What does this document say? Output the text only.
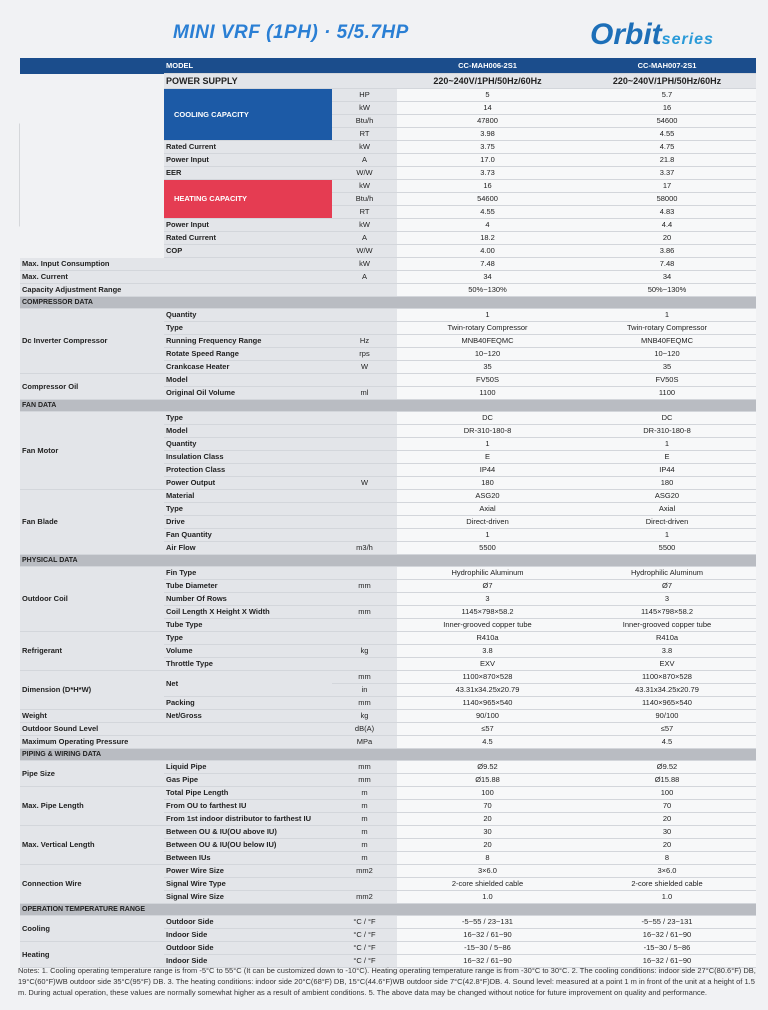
MINI VRF (1PH) · 5/5.7HP	Orbitseries
	MODEL		CC-MAH006-2S1	CC-MAH007-2S1
	POWER SUPPLY		220~240V/1PH/50Hz/60Hz	220~240V/1PH/50Hz/60Hz
	COOLING CAPACITY	HP	5	5.7
		kW	14	16
		Btu/h	47800	54600
		RT	3.98	4.55
	Rated Current	kW	3.75	4.75
	Power Input	A	17.0	21.8
	EER	W/W	3.73	3.37
	HEATING CAPACITY	kW	16	17
		Btu/h	54600	58000
		RT	4.55	4.83
	Power Input	kW	4	4.4
	Rated Current	A	18.2	20
	COP	W/W	4.00	3.86
Max. Input Consumption		kW	7.48	7.48
Max. Current		A	34	34
Capacity Adjustment Range			50%~130%	50%~130%
COMPRESSOR DATA				
Dc Inverter Compressor	Quantity		1	1
	Type		Twin-rotary Compressor	Twin-rotary Compressor
	Running Frequency Range	Hz	MNB40FEQMC	MNB40FEQMC
	Rotate Speed Range	rps	10~120	10~120
	Crankcase Heater	W	35	35
Compressor Oil	Model		FV50S	FV50S
	Original Oil Volume	ml	1100	1100
FAN DATA				
Fan Motor	Type		DC	DC
	Model		DR-310-180-8	DR-310-180-8
	Quantity		1	1
	Insulation Class		E	E
	Protection Class		IP44	IP44
	Power Output	W	180	180
Fan Blade	Material		ASG20	ASG20
	Type		Axial	Axial
	Drive		Direct-driven	Direct-driven
	Fan Quantity		1	1
	Air Flow	m3/h	5500	5500
PHYSICAL DATA				
Outdoor Coil	Fin Type		Hydrophilic Aluminum	Hydrophilic Aluminum
	Tube Diameter	mm	Ø7	Ø7
	Number Of Rows		3	3
	Coil Length X Height X Width	mm	1145×798×58.2	1145×798×58.2
	Tube Type		Inner-grooved copper tube	Inner-grooved copper tube
Refrigerant	Type		R410a	R410a
	Volume	kg	3.8	3.8
	Throttle Type		EXV	EXV
Dimension (D*H*W)	Net	mm	1100×870×528	1100×870×528
		in	43.31x34.25x20.79	43.31x34.25x20.79
	Packing	mm	1140×965×540	1140×965×540
Weight	Net/Gross	kg	90/100	90/100
Outdoor Sound Level		dB(A)	≤57	≤57
Maximum Operating Pressure		MPa	4.5	4.5
PIPING & WIRING DATA				
Pipe Size	Liquid Pipe	mm	Ø9.52	Ø9.52
	Gas Pipe	mm	Ø15.88	Ø15.88
Max. Pipe Length	Total Pipe Length	m	100	100
	From OU to farthest IU	m	70	70
	From 1st indoor distributor to farthest IU	m	20	20
Max. Vertical Length	Between OU & IU(OU above IU)	m	30	30
	Between OU & IU(OU below IU)	m	20	20
	Between IUs	m	8	8
Connection Wire	Power Wire Size	mm2	3×6.0	3×6.0
	Signal Wire Type		2-core shielded cable	2-core shielded cable
	Signal Wire Size	mm2	1.0	1.0
OPERATION TEMPERATURE RANGE				
Cooling	Outdoor Side	°C / °F	-5~55 / 23~131	-5~55 / 23~131
	Indoor Side	°C / °F	16~32 / 61~90	16~32 / 61~90
Heating	Outdoor Side	°C / °F	-15~30 / 5~86	-15~30 / 5~86
	Indoor Side	°C / °F	16~32 / 61~90	16~32 / 61~90
Notes: 1. Cooling operating temperature range is from -5°C to 55°C (It can be customized down to -10°C). Heating operating temperature range is from -30°C to 30°C. 2. The cooling conditions: indoor side 27°C(80.6°F) DB, 19°C(60°F)WB outdoor side 35°C(95°F) DB. 3. The heating conditions: indoor side 20°C(68°F) DB, 15°C(44.6°F)WB outdoor side 7°C(42.8°F)DB. 4. Sound level: measured at a point 1 m in front of the unit at a height of 1.5 m. During actual operation, these values are normally somewhat higher as a result of ambient conditions. 5. The above data may be changed without notice for future improvement on quality and performance.
